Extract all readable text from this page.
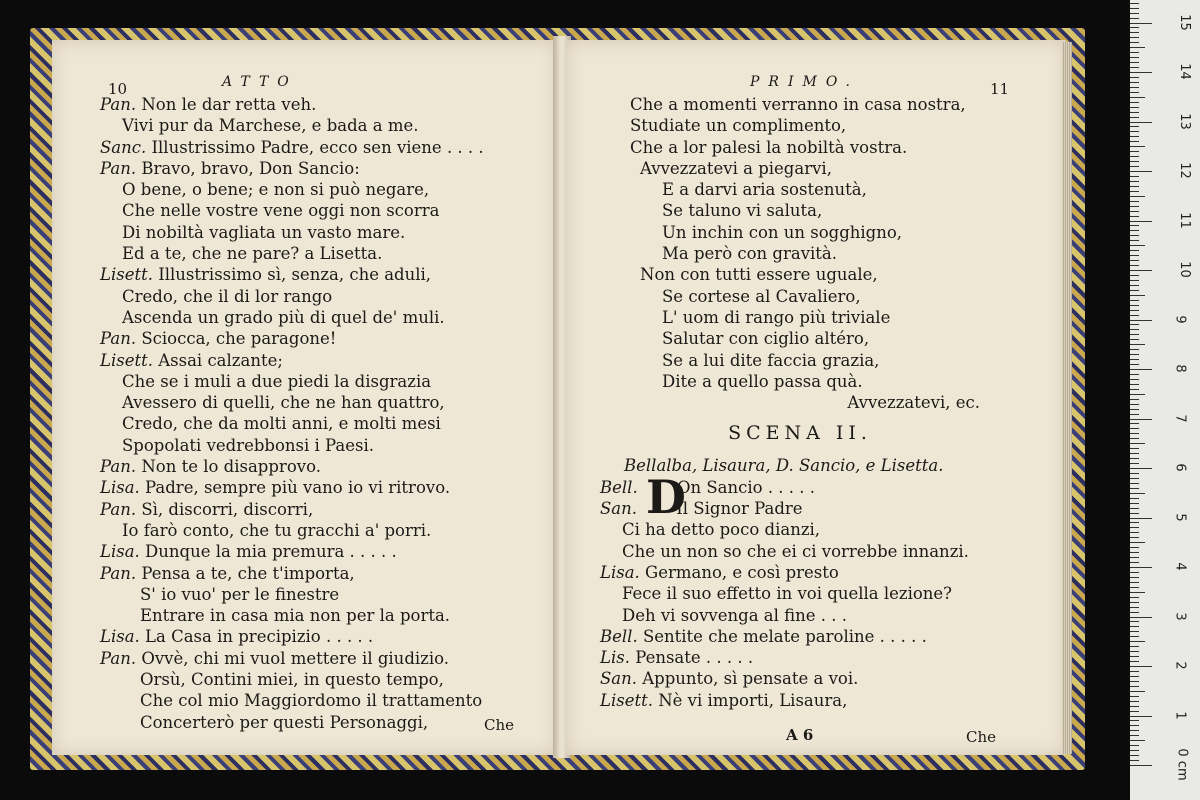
10	ATTO
Pan. Non le dar retta veh.
Vivi pur da Marchese, e bada a me.
Sanc. Illustrissimo Padre, ecco sen viene . . . .
Pan. Bravo, bravo, Don Sancio:
O bene, o bene; e non si può negare,
Che nelle vostre vene oggi non scorra
Di nobiltà vagliata un vasto mare.
Ed a te, che ne pare? a Lisetta.
Lisett. Illustrissimo sì, senza, che aduli,
Credo, che il di lor rango
Ascenda un grado più di quel de' muli.
Pan. Sciocca, che paragone!
Lisett. Assai calzante;
Che se i muli a due piedi la disgrazia
Avessero di quelli, che ne han quattro,
Credo, che da molti anni, e molti mesi
Spopolati vedrebbonsi i Paesi.
Pan. Non te lo disapprovo.
Lisa. Padre, sempre più vano io vi ritrovo.
Pan. Sì, discorri, discorri,
Io farò conto, che tu gracchi a' porri.
Lisa. Dunque la mia premura . . . . .
Pan. Pensa a te, che t'importa,
S' io vuo' per le finestre
Entrare in casa mia non per la porta.
Lisa. La Casa in precipizio . . . . .
Pan. Ovvè, chi mi vuol mettere il giudizio.
Orsù, Contini miei, in questo tempo,
Che col mio Maggiordomo il trattamento
Concerterò per questi Personaggi,	Che
PRIMO.	11
Che a momenti verranno in casa nostra,
Studiate un complimento,
Che a lor palesi la nobiltà vostra.
Avvezzatevi a piegarvi,
E a darvi aria sostenutà,
Se taluno vi saluta,
Un inchin con un sogghigno,
Ma però con gravità.
Non con tutti essere uguale,
Se cortese al Cavaliero,
L' uom di rango più triviale
Salutar con ciglio altéro,
Se a lui dite faccia grazia,
Dite a quello passa quà.
Avvezzatevi, ec.
SCENA II.
Bellalba, Lisaura, D. Sancio, e Lisetta.
Bell. On Sancio . . . . .
San. Il Signor Padre
Ci ha detto poco dianzi,
Che un non so che ei ci vorrebbe innanzi.
Lisa. Germano, e così presto
Fece il suo effetto in voi quella lezione?
Deh vi sovvenga al fine . . .
Bell. Sentite che melate paroline . . . . .
Lis. Pensate . . . . .
San. Appunto, sì pensate a voi.
Lisett. Nè vi importi, Lisaura,
D
A 6	Che
0 cm
1
2
3
4
5
6
7
8
9
10
11
12
13
14
15
